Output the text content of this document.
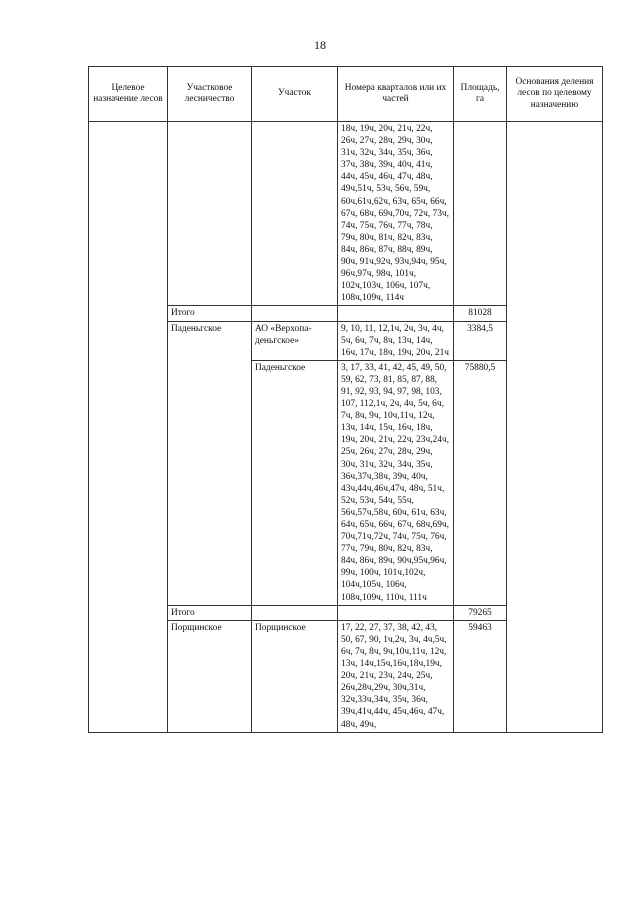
18
Целевое назначение лесов	Участковое лесничество	Участок	Номера кварталов или их частей	Площадь, га	Основания деления лесов по целевому назначению
			18ч, 19ч, 20ч, 21ч, 22ч, 26ч, 27ч, 28ч, 29ч, 30ч, 31ч, 32ч, 34ч, 35ч, 36ч, 37ч, 38ч, 39ч, 40ч, 41ч, 44ч, 45ч, 46ч, 47ч, 48ч, 49ч,51ч, 53ч, 56ч, 59ч, 60ч,61ч,62ч, 63ч, 65ч, 66ч, 67ч, 68ч, 69ч,70ч, 72ч, 73ч, 74ч, 75ч, 76ч, 77ч, 78ч, 79ч, 80ч, 81ч, 82ч, 83ч, 84ч, 86ч, 87ч, 88ч, 89ч, 90ч, 91ч,92ч, 93ч,94ч, 95ч, 96ч,97ч, 98ч, 101ч, 102ч,103ч, 106ч, 107ч, 108ч,109ч, 114ч		
	Итого			81028	
	Паденьгское	АО «Верхопа-деньгское»	9, 10, 11, 12,1ч, 2ч, 3ч, 4ч, 5ч, 6ч, 7ч, 8ч, 13ч, 14ч, 16ч, 17ч, 18ч, 19ч, 20ч, 21ч	3384,5	
		Паденьгское	3, 17, 33, 41, 42, 45, 49, 50, 59, 62, 73, 81, 85, 87, 88, 91, 92, 93, 94, 97, 98, 103, 107, 112,1ч, 2ч, 4ч, 5ч, 6ч, 7ч, 8ч, 9ч, 10ч,11ч, 12ч, 13ч, 14ч, 15ч, 16ч, 18ч, 19ч, 20ч, 21ч, 22ч, 23ч,24ч, 25ч, 26ч, 27ч, 28ч, 29ч, 30ч, 31ч, 32ч, 34ч, 35ч, 36ч,37ч,38ч, 39ч, 40ч, 43ч,44ч,46ч,47ч, 48ч, 51ч, 52ч, 53ч, 54ч, 55ч, 56ч,57ч,58ч, 60ч, 61ч, 63ч, 64ч, 65ч, 66ч, 67ч, 68ч,69ч, 70ч,71ч,72ч, 74ч, 75ч, 76ч, 77ч, 79ч, 80ч, 82ч, 83ч, 84ч, 86ч, 89ч, 90ч,95ч,96ч, 99ч, 100ч, 101ч,102ч, 104ч,105ч, 106ч, 108ч,109ч, 110ч, 111ч	75880,5	
	Итого			79265	
	Порщинское	Порщинское	17, 22, 27, 37, 38, 42, 43, 50, 67, 90, 1ч,2ч, 3ч, 4ч,5ч, 6ч, 7ч, 8ч, 9ч,10ч,11ч, 12ч, 13ч, 14ч,15ч,16ч,18ч,19ч, 20ч, 21ч, 23ч, 24ч, 25ч, 26ч,28ч,29ч, 30ч,31ч, 32ч,33ч,34ч, 35ч, 36ч, 39ч,41ч,44ч, 45ч,46ч, 47ч, 48ч, 49ч,	59463	
